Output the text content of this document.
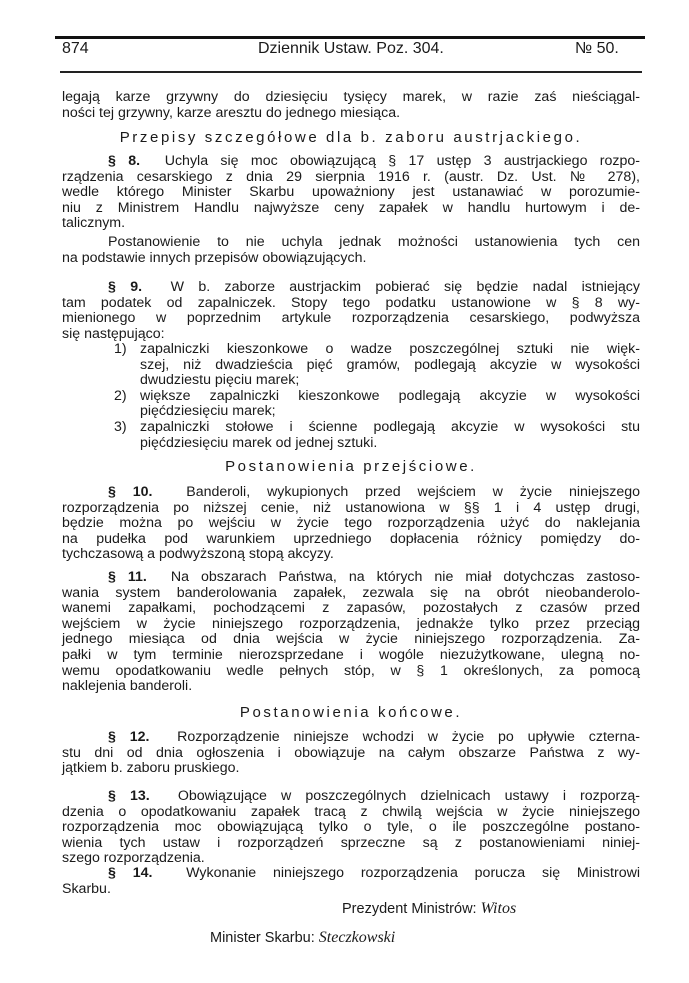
874	Dziennik Ustaw. Poz. 304.	№ 50.
legają karze grzywny do dziesięciu tysięcy marek, w razie zaś nieściągal-
ności tej grzywny, karze aresztu do jednego miesiąca.
Przepisy szczegółowe dla b. zaboru austrjackiego.
§ 8. Uchyla się moc obowiązującą § 17 ustęp 3 austrjackiego rozpo-
rządzenia cesarskiego z dnia 29 sierpnia 1916 r. (austr. Dz. Ust. № 278),
wedle którego Minister Skarbu upoważniony jest ustanawiać w porozumie-
niu z Ministrem Handlu najwyższe ceny zapałek w handlu hurtowym i de-
talicznym.
Postanowienie to nie uchyla jednak możności ustanowienia tych cen
na podstawie innych przepisów obowiązujących.
§ 9. W b. zaborze austrjackim pobierać się będzie nadal istniejący
tam podatek od zapalniczek. Stopy tego podatku ustanowione w § 8 wy-
mienionego w poprzednim artykule rozporządzenia cesarskiego, podwyższa
się następująco:
1) zapalniczki kieszonkowe o wadze poszczególnej sztuki nie więk-
szej, niż dwadzieścia pięć gramów, podlegają akcyzie w wysokości
dwudziestu pięciu marek;
2) większe zapalniczki kieszonkowe podlegają akcyzie w wysokości
pięćdziesięciu marek;
3) zapalniczki stołowe i ścienne podlegają akcyzie w wysokości stu
pięćdziesięciu marek od jednej sztuki.
Postanowienia przejściowe.
§ 10. Banderoli, wykupionych przed wejściem w życie niniejszego
rozporządzenia po niższej cenie, niż ustanowiona w §§ 1 i 4 ustęp drugi,
będzie można po wejściu w życie tego rozporządzenia użyć do naklejania
na pudełka pod warunkiem uprzedniego dopłacenia różnicy pomiędzy do-
tychczasową a podwyższoną stopą akcyzy.
§ 11. Na obszarach Państwa, na których nie miał dotychczas zastoso-
wania system banderolowania zapałek, zezwala się na obrót nieobanderolo-
wanemi zapałkami, pochodzącemi z zapasów, pozostałych z czasów przed
wejściem w życie niniejszego rozporządzenia, jednakże tylko przez przeciąg
jednego miesiąca od dnia wejścia w życie niniejszego rozporządzenia. Za-
pałki w tym terminie nierozsprzedane i wogóle niezużytkowane, ulegną no-
wemu opodatkowaniu wedle pełnych stóp, w § 1 określonych, za pomocą
naklejenia banderoli.
Postanowienia końcowe.
§ 12. Rozporządzenie niniejsze wchodzi w życie po upływie czterna-
stu dni od dnia ogłoszenia i obowiązuje na całym obszarze Państwa z wy-
jątkiem b. zaboru pruskiego.
§ 13. Obowiązujące w poszczególnych dzielnicach ustawy i rozporzą-
dzenia o opodatkowaniu zapałek tracą z chwilą wejścia w życie niniejszego
rozporządzenia moc obowiązującą tylko o tyle, o ile poszczególne postano-
wienia tych ustaw i rozporządzeń sprzeczne są z postanowieniami niniej-
szego rozporządzenia.
§ 14. Wykonanie niniejszego rozporządzenia porucza się Ministrowi
Skarbu.
Prezydent Ministrów: Witos
Minister Skarbu: Steczkowski
